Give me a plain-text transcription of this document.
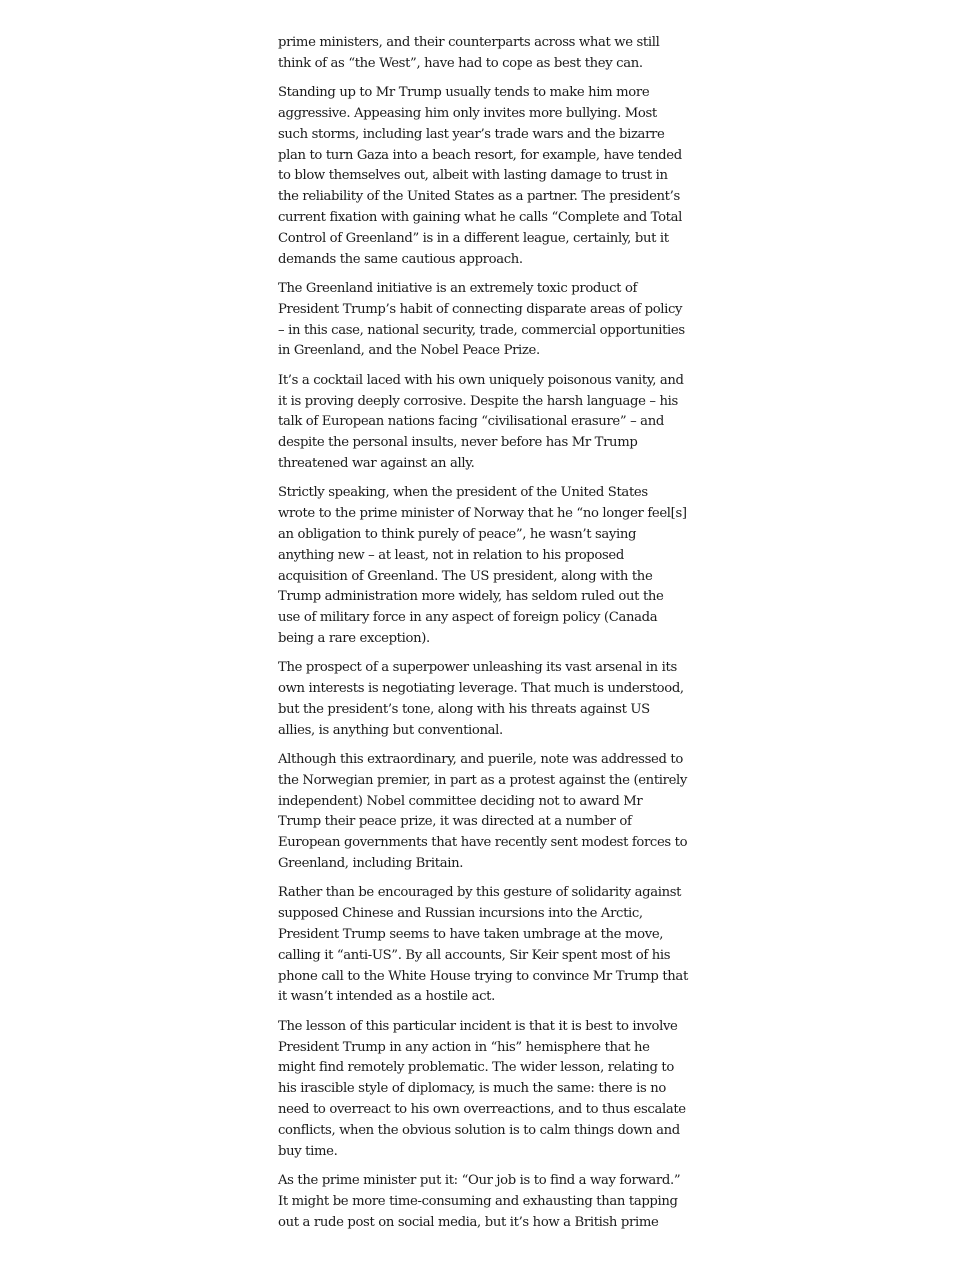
prime ministers, and their counterparts across what we still think of as “the West”, have had to cope as best they can.

Standing up to Mr Trump usually tends to make him more aggressive. Appeasing him only invites more bullying. Most such storms, including last year’s trade wars and the bizarre plan to turn Gaza into a beach resort, for example, have tended to blow themselves out, albeit with lasting damage to trust in the reliability of the United States as a partner. The president’s current fixation with gaining what he calls “Complete and Total Control of Greenland” is in a different league, certainly, but it demands the same cautious approach.

The Greenland initiative is an extremely toxic product of President Trump’s habit of connecting disparate areas of policy – in this case, national security, trade, commercial opportunities in Greenland, and the Nobel Peace Prize.

It’s a cocktail laced with his own uniquely poisonous vanity, and it is proving deeply corrosive. Despite the harsh language – his talk of European nations facing “civilisational erasure” – and despite the personal insults, never before has Mr Trump threatened war against an ally.

Strictly speaking, when the president of the United States wrote to the prime minister of Norway that he “no longer feel[s] an obligation to think purely of peace”, he wasn’t saying anything new – at least, not in relation to his proposed acquisition of Greenland. The US president, along with the Trump administration more widely, has seldom ruled out the use of military force in any aspect of foreign policy (Canada being a rare exception).

The prospect of a superpower unleashing its vast arsenal in its own interests is negotiating leverage. That much is understood, but the president’s tone, along with his threats against US allies, is anything but conventional.

Although this extraordinary, and puerile, note was addressed to the Norwegian premier, in part as a protest against the (entirely independent) Nobel committee deciding not to award Mr Trump their peace prize, it was directed at a number of European governments that have recently sent modest forces to Greenland, including Britain.

Rather than be encouraged by this gesture of solidarity against supposed Chinese and Russian incursions into the Arctic, President Trump seems to have taken umbrage at the move, calling it “anti-US”. By all accounts, Sir Keir spent most of his phone call to the White House trying to convince Mr Trump that it wasn’t intended as a hostile act.

The lesson of this particular incident is that it is best to involve President Trump in any action in “his” hemisphere that he might find remotely problematic. The wider lesson, relating to his irascible style of diplomacy, is much the same: there is no need to overreact to his own overreactions, and to thus escalate conflicts, when the obvious solution is to calm things down and buy time.

As the prime minister put it: “Our job is to find a way forward.” It might be more time-consuming and exhausting than tapping out a rude post on social media, but it’s how a British prime
